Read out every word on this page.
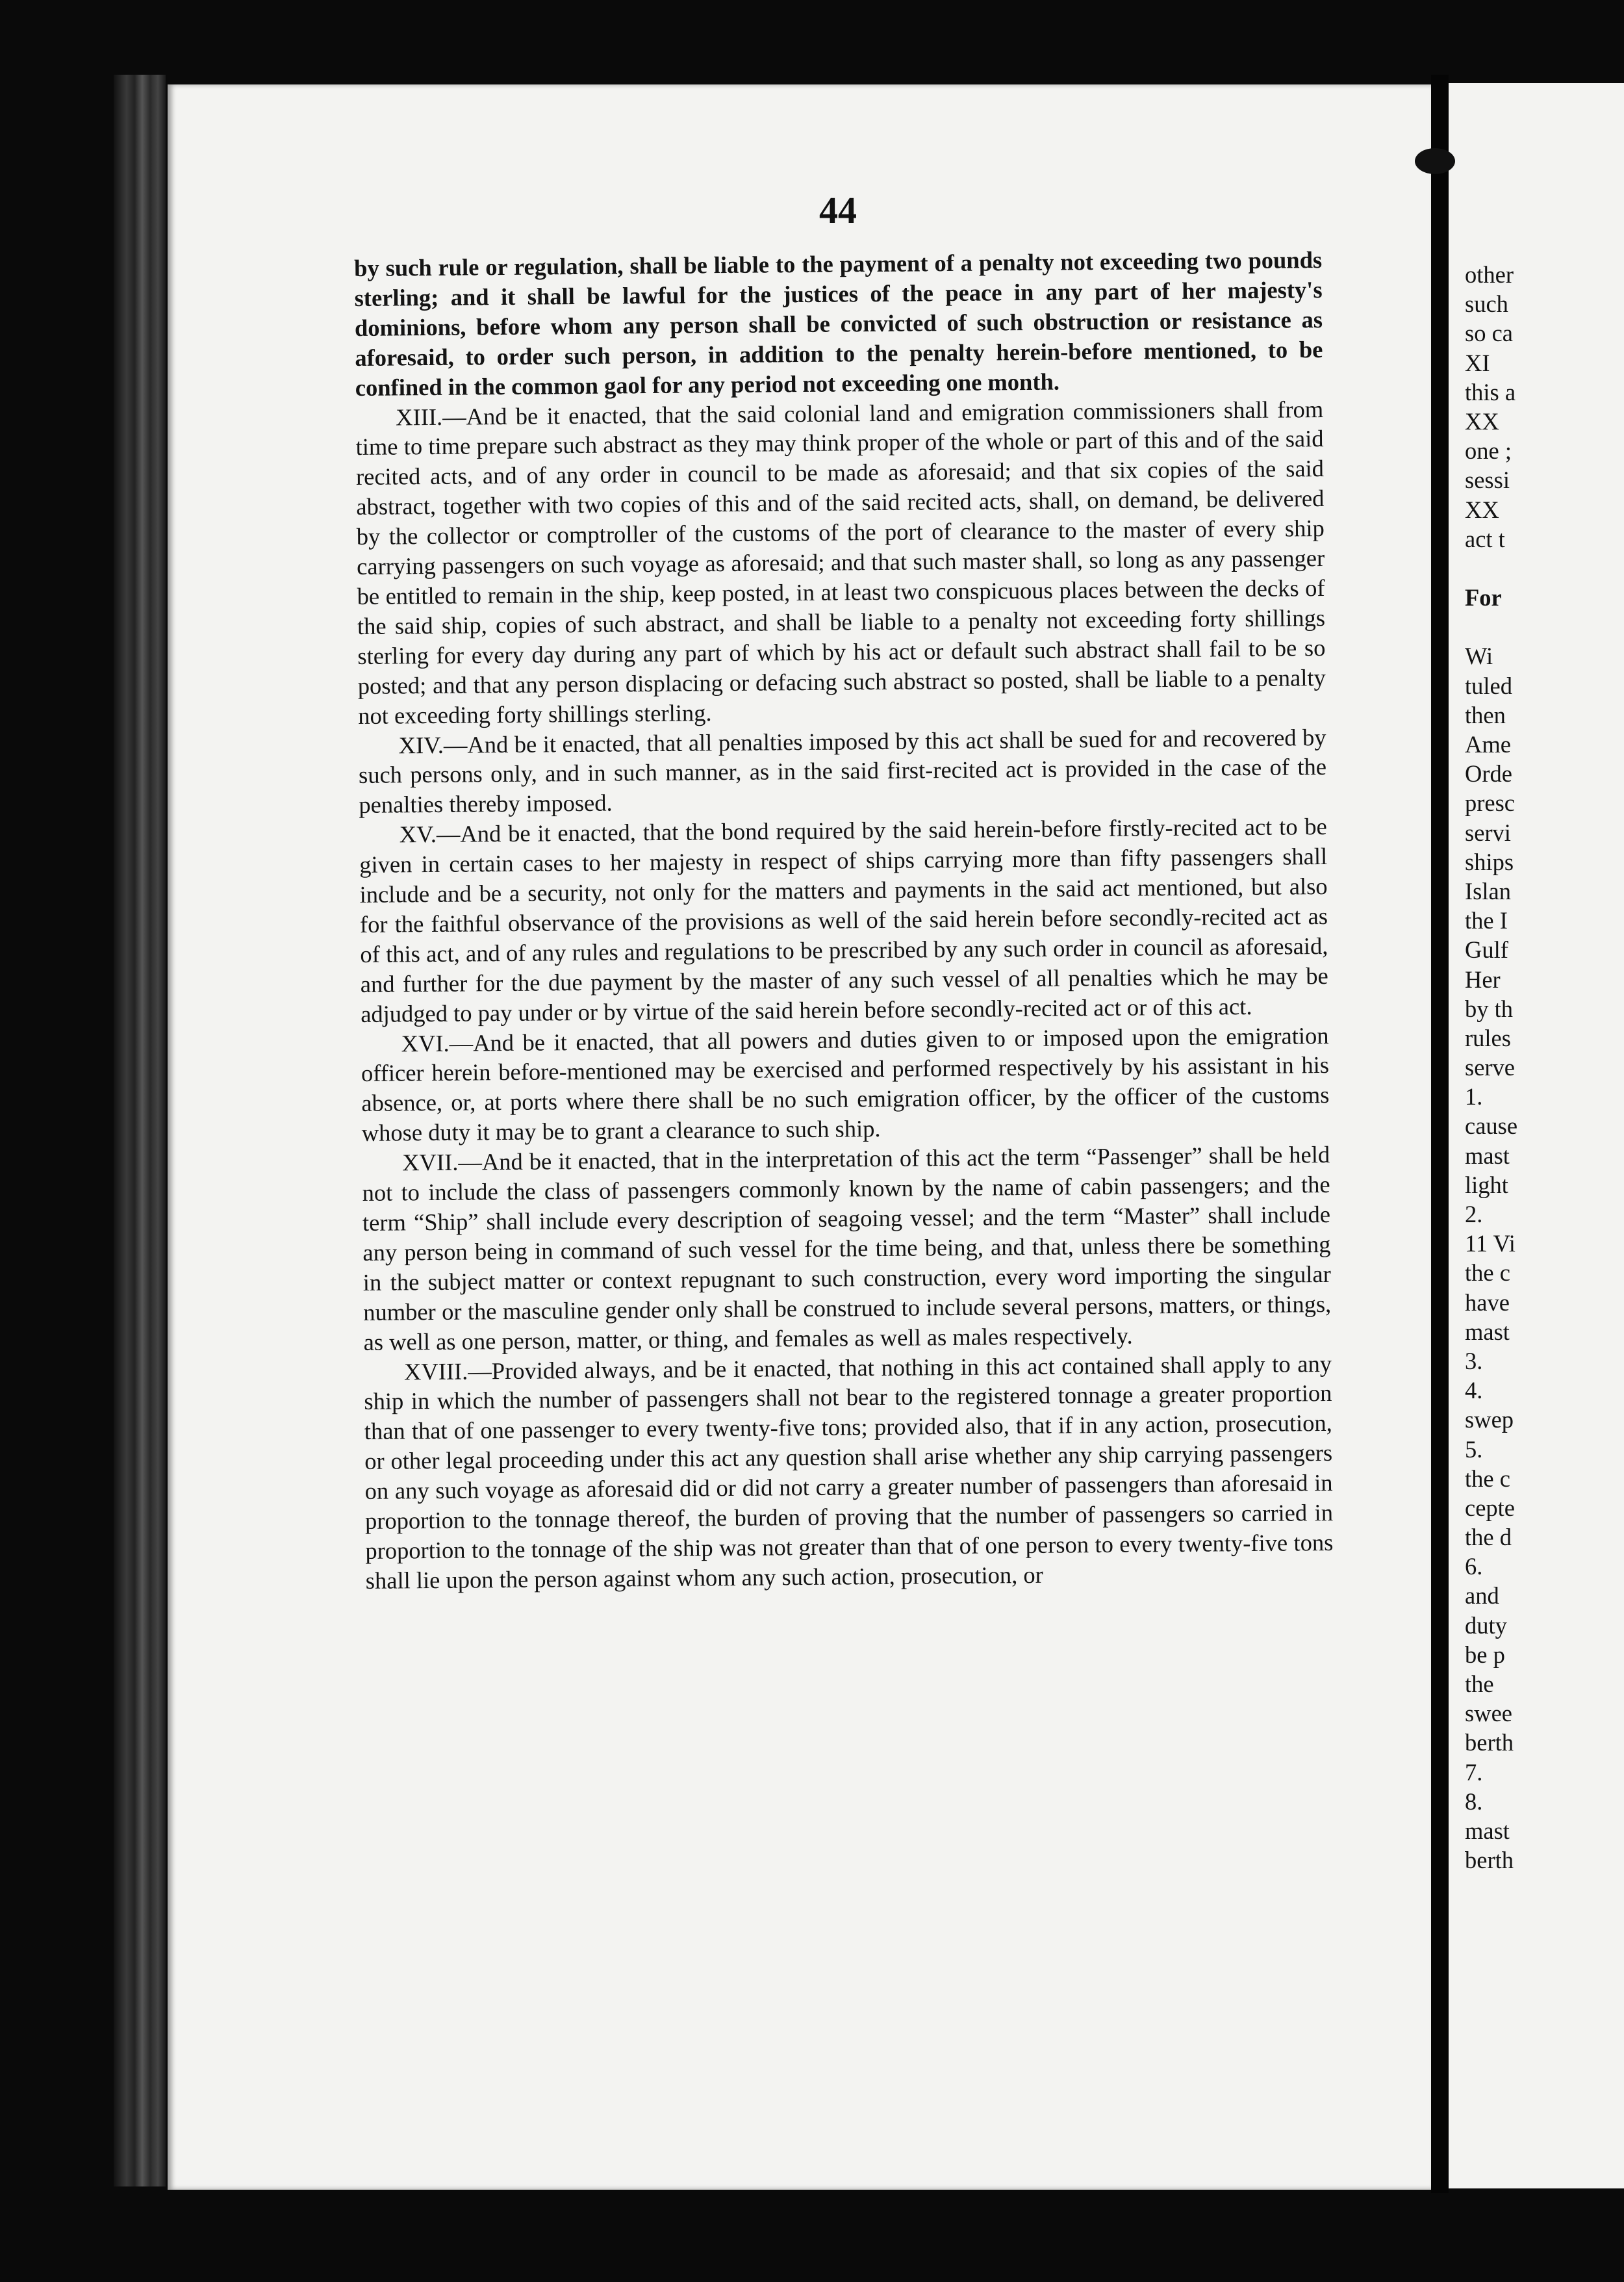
44

by such rule or regulation, shall be liable to the payment of a penalty not exceeding two pounds sterling; and it shall be lawful for the justices of the peace in any part of her majesty's dominions, before whom any person shall be convicted of such obstruction or resistance as aforesaid, to order such person, in addition to the penalty herein-before mentioned, to be confined in the common gaol for any period not exceeding one month.

XIII.—And be it enacted, that the said colonial land and emigration commissioners shall from time to time prepare such abstract as they may think proper of the whole or part of this and of the said recited acts, and of any order in council to be made as aforesaid; and that six copies of the said abstract, together with two copies of this and of the said recited acts, shall, on demand, be delivered by the collector or comptroller of the customs of the port of clearance to the master of every ship carrying passengers on such voyage as aforesaid; and that such master shall, so long as any passenger be entitled to remain in the ship, keep posted, in at least two conspicuous places between the decks of the said ship, copies of such abstract, and shall be liable to a penalty not exceeding forty shillings sterling for every day during any part of which by his act or default such abstract shall fail to be so posted; and that any person displacing or defacing such abstract so posted, shall be liable to a penalty not exceeding forty shillings sterling.

XIV.—And be it enacted, that all penalties imposed by this act shall be sued for and recovered by such persons only, and in such manner, as in the said first-recited act is provided in the case of the penalties thereby imposed.

XV.—And be it enacted, that the bond required by the said herein-before firstly-recited act to be given in certain cases to her majesty in respect of ships carrying more than fifty passengers shall include and be a security, not only for the matters and payments in the said act mentioned, but also for the faithful observance of the provisions as well of the said herein before secondly-recited act as of this act, and of any rules and regulations to be prescribed by any such order in council as aforesaid, and further for the due payment by the master of any such vessel of all penalties which he may be adjudged to pay under or by virtue of the said herein before secondly-recited act or of this act.

XVI.—And be it enacted, that all powers and duties given to or imposed upon the emigration officer herein before-mentioned may be exercised and performed respectively by his assistant in his absence, or, at ports where there shall be no such emigration officer, by the officer of the customs whose duty it may be to grant a clearance to such ship.

XVII.—And be it enacted, that in the interpretation of this act the term “Passenger” shall be held not to include the class of passengers commonly known by the name of cabin passengers; and the term “Ship” shall include every description of seagoing vessel; and the term “Master” shall include any person being in command of such vessel for the time being, and that, unless there be something in the subject matter or context repugnant to such construction, every word importing the singular number or the masculine gender only shall be construed to include several persons, matters, or things, as well as one person, matter, or thing, and females as well as males respectively.

XVIII.—Provided always, and be it enacted, that nothing in this act contained shall apply to any ship in which the number of passengers shall not bear to the registered tonnage a greater proportion than that of one passenger to every twenty-five tons; provided also, that if in any action, prosecution, or other legal proceeding under this act any question shall arise whether any ship carrying passengers on any such voyage as aforesaid did or did not carry a greater number of passengers than aforesaid in proportion to the tonnage thereof, the burden of proving that the number of passengers so carried in proportion to the tonnage of the ship was not greater than that of one person to every twenty-five tons shall lie upon the person against whom any such action, prosecution, or

other
such
so ca
XI
this a
XX
one ;
sessi
XX
act t
For
Wi
tuled
then
Ame
Orde
presc
servi
ships
Islan
the I
Gulf
Her
by th
rules
serve
1.
cause
mast
light
2.
11 Vi
the c
have
mast
3.
4.
swep
5.
the c
cepte
the d
6.
and
duty
be p
the
swee
berth
7.
8.
mast
berth
